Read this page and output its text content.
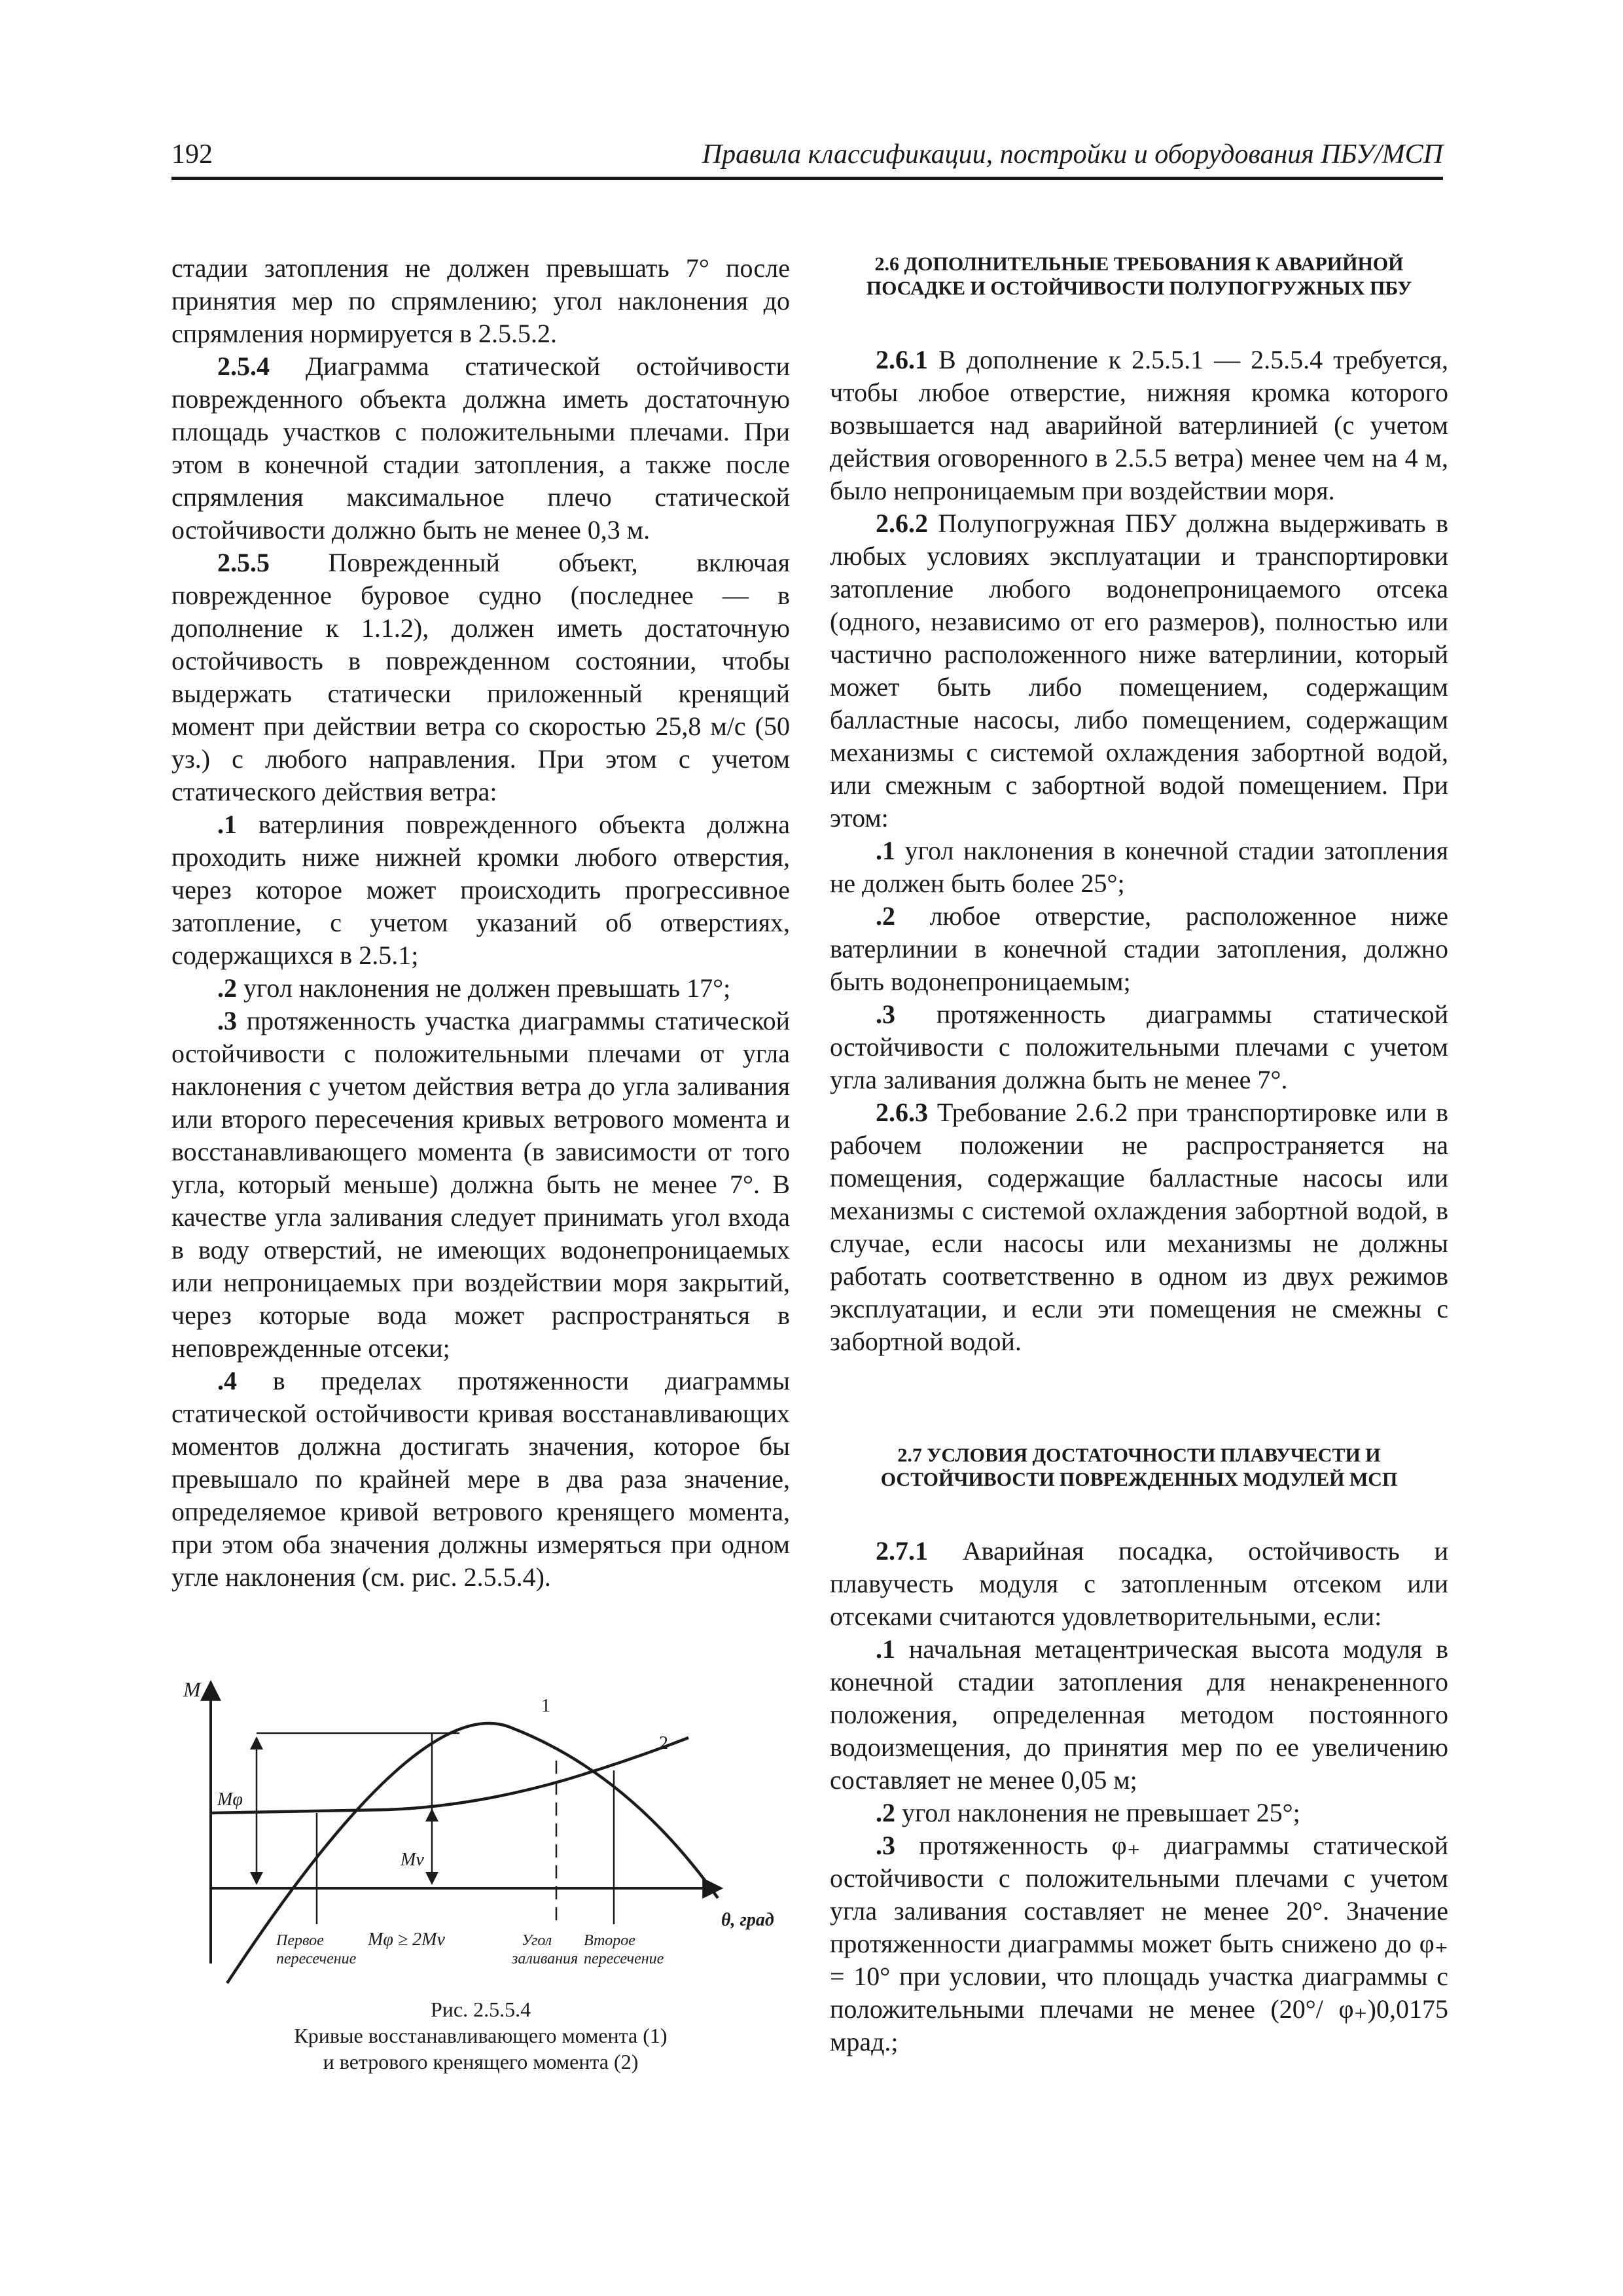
192	Правила классификации, постройки и оборудования ПБУ/МСП

стадии затопления не должен превышать 7° после принятия мер по спрямлению; угол наклонения до спрямления нормируется в 2.5.5.2.

2.5.4 Диаграмма статической остойчивости поврежденного объекта должна иметь достаточную площадь участков с положительными плечами. При этом в конечной стадии затопления, а также после спрямления максимальное плечо статической остойчивости должно быть не менее 0,3 м.

2.5.5 Поврежденный объект, включая поврежденное буровое судно (последнее — в дополнение к 1.1.2), должен иметь достаточную остойчивость в поврежденном состоянии, чтобы выдержать статически приложенный кренящий момент при действии ветра со скоростью 25,8 м/с (50 уз.) с любого направления. При этом с учетом статического действия ветра:

.1 ватерлиния поврежденного объекта должна проходить ниже нижней кромки любого отверстия, через которое может происходить прогрессивное затопление, с учетом указаний об отверстиях, содержащихся в 2.5.1;

.2 угол наклонения не должен превышать 17°;

.3 протяженность участка диаграммы статической остойчивости с положительными плечами от угла наклонения с учетом действия ветра до угла заливания или второго пересечения кривых ветрового момента и восстанавливающего момента (в зависимости от того угла, который меньше) должна быть не менее 7°. В качестве угла заливания следует принимать угол входа в воду отверстий, не имеющих водонепроницаемых или непроницаемых при воздействии моря закрытий, через которые вода может распространяться в неповрежденные отсеки;

.4 в пределах протяженности диаграммы статической остойчивости кривая восстанавливающих моментов должна достигать значения, которое бы превышало по крайней мере в два раза значение, определяемое кривой ветрового кренящего момента, при этом оба значения должны измеряться при одном угле наклонения (см. рис. 2.5.5.4).

M
θ, град
1
2
Mφ
Mv
Mφ ≥ 2Mv
Первое
пересечение
Угол
заливания
Второе
пересечение
Рис. 2.5.5.4
Кривые восстанавливающего момента (1)
и ветрового кренящего момента (2)

2.6 ДОПОЛНИТЕЛЬНЫЕ ТРЕБОВАНИЯ К АВАРИЙНОЙ ПОСАДКЕ И ОСТОЙЧИВОСТИ ПОЛУПОГРУЖНЫХ ПБУ

2.6.1 В дополнение к 2.5.5.1 — 2.5.5.4 требуется, чтобы любое отверстие, нижняя кромка которого возвышается над аварийной ватерлинией (с учетом действия оговоренного в 2.5.5 ветра) менее чем на 4 м, было непроницаемым при воздействии моря.

2.6.2 Полупогружная ПБУ должна выдерживать в любых условиях эксплуатации и транспортировки затопление любого водонепроницаемого отсека (одного, независимо от его размеров), полностью или частично расположенного ниже ватерлинии, который может быть либо помещением, содержащим балластные насосы, либо помещением, содержащим механизмы с системой охлаждения забортной водой, или смежным с забортной водой помещением. При этом:

.1 угол наклонения в конечной стадии затопления не должен быть более 25°;

.2 любое отверстие, расположенное ниже ватерлинии в конечной стадии затопления, должно быть водонепроницаемым;

.3 протяженность диаграммы статической остойчивости с положительными плечами с учетом угла заливания должна быть не менее 7°.

2.6.3 Требование 2.6.2 при транспортировке или в рабочем положении не распространяется на помещения, содержащие балластные насосы или механизмы с системой охлаждения забортной водой, в случае, если насосы или механизмы не должны работать соответственно в одном из двух режимов эксплуатации, и если эти помещения не смежны с забортной водой.

2.7 УСЛОВИЯ ДОСТАТОЧНОСТИ ПЛАВУЧЕСТИ И ОСТОЙЧИВОСТИ ПОВРЕЖДЕННЫХ МОДУЛЕЙ МСП

2.7.1 Аварийная посадка, остойчивость и плавучесть модуля с затопленным отсеком или отсеками считаются удовлетворительными, если:

.1 начальная метацентрическая высота модуля в конечной стадии затопления для ненакрененного положения, определенная методом постоянного водоизмещения, до принятия мер по ее увеличению составляет не менее 0,05 м;

.2 угол наклонения не превышает 25°;

.3 протяженность φ₊ диаграммы статической остойчивости с положительными плечами с учетом угла заливания составляет не менее 20°. Значение протяженности диаграммы может быть снижено до φ₊ = 10° при условии, что площадь участка диаграммы с положительными плечами не менее (20°/ φ₊)0,0175 мрад.;
